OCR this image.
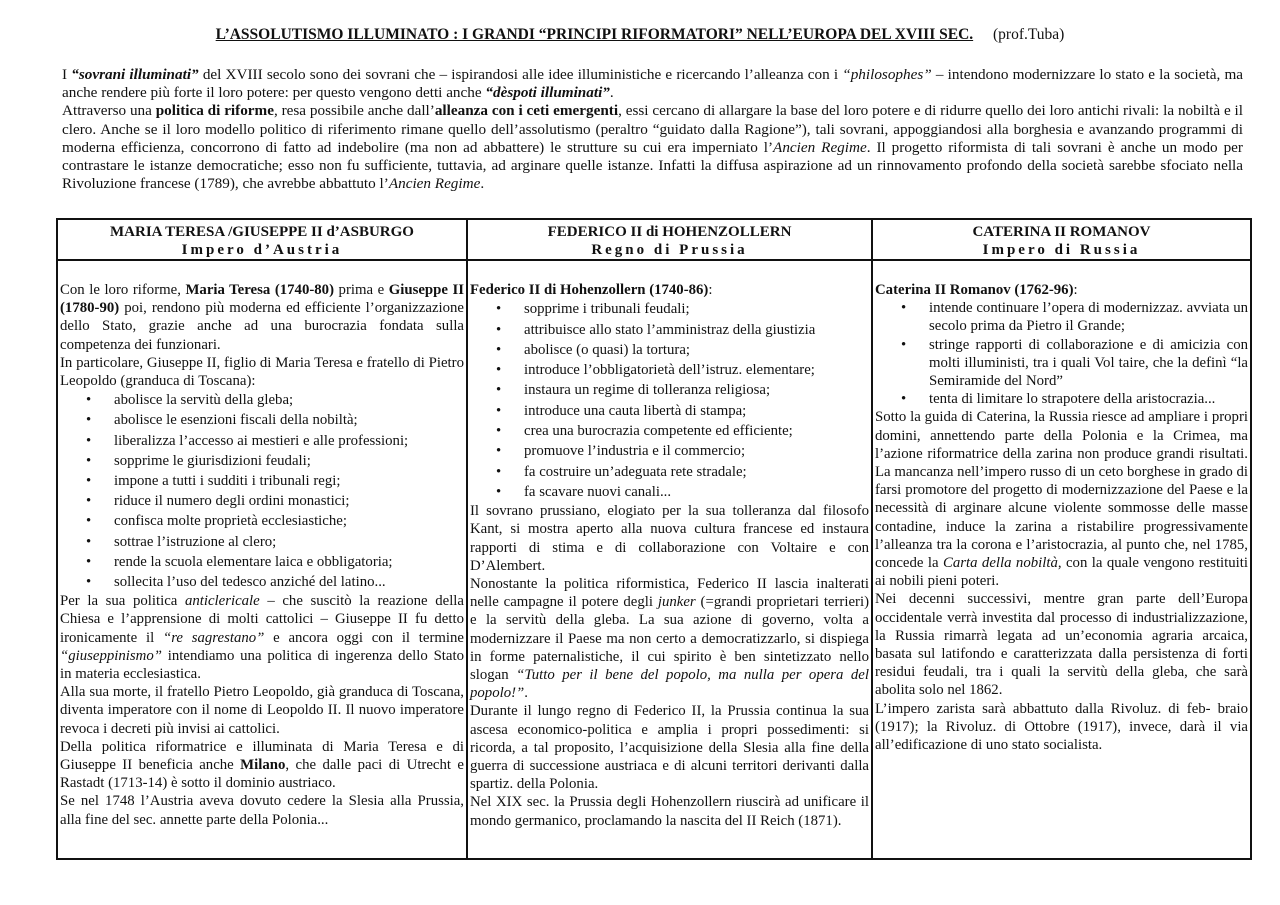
L’ASSOLUTISMO ILLUMINATO : I GRANDI “PRINCIPI RIFORMATORI” NELL’EUROPA DEL XVIII SEC. (prof.Tuba)

I “sovrani illuminati” del XVIII secolo sono dei sovrani che – ispirandosi alle idee illuministiche e ricercando l’alleanza con i “philosophes” – intendono modernizzare lo stato e la società, ma anche rendere più forte il loro potere: per questo vengono detti anche “dèspoti illuminati”.

Attraverso una politica di riforme, resa possibile anche dall’alleanza con i ceti emergenti, essi cercano di allargare la base del loro potere e di ridurre quello dei loro antichi rivali: la nobiltà e il clero. Anche se il loro modello politico di riferimento rimane quello dell’assolutismo (peraltro “guidato dalla Ragione”), tali sovrani, appoggiandosi alla borghesia e avanzando programmi di moderna efficienza, concorrono di fatto ad indebolire (ma non ad abbattere) le strutture su cui era imperniato l’Ancien Regime. Il progetto riformista di tali sovrani è anche un modo per contrastare le istanze democratiche; esso non fu sufficiente, tuttavia, ad arginare quelle istanze. Infatti la diffusa aspirazione ad un rinnovamento profondo della società sarebbe sfociato nella Rivoluzione francese (1789), che avrebbe abbattuto l’Ancien Regime.

MARIA TERESA /GIUSEPPE II d’ASBURGO
Impero d’Austria

Con le loro riforme, Maria Teresa (1740-80) prima e Giuseppe II (1780-90) poi, rendono più moderna ed efficiente l’organizzazione dello Stato, grazie anche ad una burocrazia fondata sulla competenza dei funzionari.

In particolare, Giuseppe II, figlio di Maria Teresa e fratello di Pietro Leopoldo (granduca di Toscana):

• abolisce la servitù della gleba;
• abolisce le esenzioni fiscali della nobiltà;
• liberalizza l’accesso ai mestieri e alle professioni;
• sopprime le giurisdizioni feudali;
• impone a tutti i sudditi i tribunali regi;
• riduce il numero degli ordini monastici;
• confisca molte proprietà ecclesiastiche;
• sottrae l’istruzione al clero;
• rende la scuola elementare laica e obbligatoria;
• sollecita l’uso del tedesco anziché del latino...

Per la sua politica anticlericale – che suscitò la reazione della Chiesa e l’apprensione di molti cattolici – Giuseppe II fu detto ironicamente il “re sagrestano” e ancora oggi con il termine “giuseppinismo” intendiamo una politica di ingerenza dello Stato in materia ecclesiastica.

Alla sua morte, il fratello Pietro Leopoldo, già granduca di Toscana, diventa imperatore con il nome di Leopoldo II. Il nuovo imperatore revoca i decreti più invisi ai cattolici.

Della politica riformatrice e illuminata di Maria Teresa e di Giuseppe II beneficia anche Milano, che dalle paci di Utrecht e Rastadt (1713-14) è sotto il dominio austriaco.

Se nel 1748 l’Austria aveva dovuto cedere la Slesia alla Prussia, alla fine del sec. annette parte della Polonia...

FEDERICO II di HOHENZOLLERN
Regno di Prussia

Federico II di Hohenzollern (1740-86):

• sopprime i tribunali feudali;
• attribuisce allo stato l’amministraz della giustizia
• abolisce (o quasi) la tortura;
• introduce l’obbligatorietà dell’istruz. elementare;
• instaura un regime di tolleranza religiosa;
• introduce una cauta libertà di stampa;
• crea una burocrazia competente ed efficiente;
• promuove l’industria e il commercio;
• fa costruire un’adeguata rete stradale;
• fa scavare nuovi canali...

Il sovrano prussiano, elogiato per la sua tolleranza dal filosofo Kant, si mostra aperto alla nuova cultura francese ed instaura rapporti di stima e di collaborazione con Voltaire e con D’Alembert.

Nonostante la politica riformistica, Federico II lascia inalterati nelle campagne il potere degli junker (=grandi proprietari terrieri) e la servitù della gleba. La sua azione di governo, volta a modernizzare il Paese ma non certo a democratizzarlo, si dispiega in forme paternalistiche, il cui spirito è ben sintetizzato nello slogan “Tutto per il bene del popolo, ma nulla per opera del popolo!”.

Durante il lungo regno di Federico II, la Prussia continua la sua ascesa economico-politica e amplia i propri possedimenti: si ricorda, a tal proposito, l’acquisizione della Slesia alla fine della guerra di successione austriaca e di alcuni territori derivanti dalla spartiz. della Polonia.

Nel XIX sec. la Prussia degli Hohenzollern riuscirà ad unificare il mondo germanico, proclamando la nascita del II Reich (1871).

CATERINA II ROMANOV
Impero di Russia

Caterina II Romanov (1762-96):

• intende continuare l’opera di modernizzaz. avviata un secolo prima da Pietro il Grande;
• stringe rapporti di collaborazione e di amicizia con molti illuministi, tra i quali Vol taire, che la definì “la Semiramide del Nord”
• tenta di limitare lo strapotere della aristocrazia...

Sotto la guida di Caterina, la Russia riesce ad ampliare i propri domini, annettendo parte della Polonia e la Crimea, ma l’azione riformatrice della zarina non produce grandi risultati. La mancanza nell’impero russo di un ceto borghese in grado di farsi promotore del progetto di modernizzazione del Paese e la necessità di arginare alcune violente sommosse delle masse contadine, induce la zarina a ristabilire progressivamente l’alleanza tra la corona e l’aristocrazia, al punto che, nel 1785, concede la Carta della nobiltà, con la quale vengono restituiti ai nobili pieni poteri.

Nei decenni successivi, mentre gran parte dell’Europa occidentale verrà investita dal processo di industrializzazione, la Russia rimarrà legata ad un’economia agraria arcaica, basata sul latifondo e caratterizzata dalla persistenza di forti residui feudali, tra i quali la servitù della gleba, che sarà abolita solo nel 1862.

L’impero zarista sarà abbattuto dalla Rivoluz. di feb- braio (1917); la Rivoluz. di Ottobre (1917), invece, darà il via all’edificazione di uno stato socialista.
